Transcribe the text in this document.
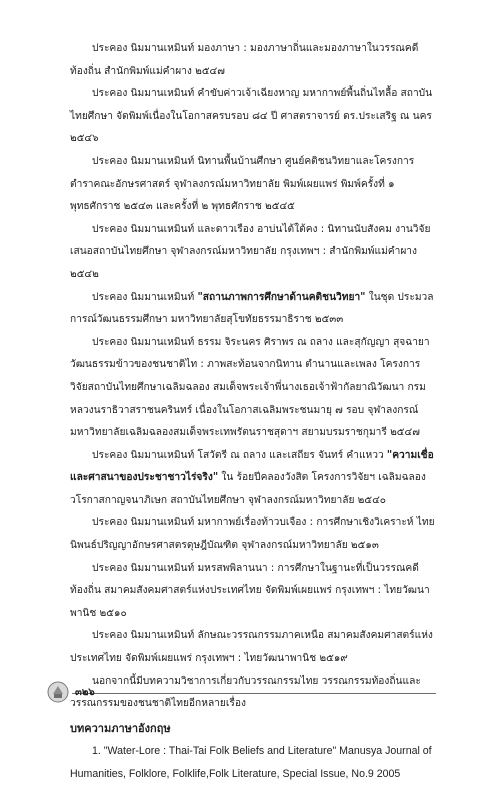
ประคอง นิมมานเหมินท์ มองภาษา : มองภาษาถิ่นและมองภาษาในวรรณคดีท้องถิ่น สำนักพิมพ์แม่คำผาง ๒๕๔๗

ประคอง นิมมานเหมินท์ คำขับค่าวเจ้าเฉียงหาญ มหากาพย์พื้นถิ่นไทลื้อ สถาบันไทยศึกษา จัดพิมพ์เนื่องในโอกาสครบรอบ ๘๔ ปี ศาสตราจารย์ ดร.ประเสริฐ ณ นคร ๒๕๔๖

ประคอง นิมมานเหมินท์ นิทานพื้นบ้านศึกษา ศูนย์คติชนวิทยาและโครงการตำราคณะอักษรศาสตร์ จุฬาลงกรณ์มหาวิทยาลัย พิมพ์เผยแพร่ พิมพ์ครั้งที่ ๑ พุทธศักราช ๒๕๔๓ และครั้งที่ ๒ พุทธศักราช ๒๕๔๕

ประคอง นิมมานเหมินท์ และดาวเรือง อาบ่นไต้ใต้คง : นิทานนับสังคม งานวิจัยเสนอสถาบันไทยศึกษา จุฬาลงกรณ์มหาวิทยาลัย กรุงเทพฯ : สำนักพิมพ์แม่คำผาง ๒๕๔๒

ประคอง นิมมานเหมินท์ "สถานภาพการศึกษาด้านคติชนวิทยา" ในชุด ประมวลการณ์วัฒนธรรมศึกษา มหาวิทยาลัยสุโขทัยธรรมาธิราช ๒๕๓๓

ประคอง นิมมานเหมินท์ ธรรม จิระนคร ศิราพร ณ ถลาง และสุกัญญา สุจฉายา วัฒนธรรมข้าวของชนชาติไท : ภาพสะท้อนจากนิทาน ตำนานและเพลง โครงการวิจัยสถาบันไทยศึกษาเฉลิมฉลอง สมเด็จพระเจ้าพี่นางเธอเจ้าฟ้ากัลยาณิวัฒนา กรมหลวงนราธิวาสราชนครินทร์ เนื่องในโอกาสเฉลิมพระชนมายุ ๗ รอบ จุฬาลงกรณ์มหาวิทยาลัยเฉลิมฉลองสมเด็จพระเทพรัตนราชสุดาฯ สยามบรมราชกุมารี ๒๕๔๗

ประคอง นิมมานเหมินท์ โสวัตรี ณ ถลาง และเสถียร จันทร์ คำแหวว "ความเชื่อและศาสนาของประชาชาวไร่จริง" ใน ร้อยปีคลองวังสิต โครงการวิจัยฯ เฉลิมฉลองวโรกาสกาญจนาภิเษก สถาบันไทยศึกษา จุฬาลงกรณ์มหาวิทยาลัย ๒๕๔๐

ประคอง นิมมานเหมินท์ มหากาพย์เรื่องท้าวบเจือง : การศึกษาเชิงวิเคราะห์ ไทยนิพนธ์ปริญญาอักษรศาสตรดุษฎีบัณฑิต จุฬาลงกรณ์มหาวิทยาลัย ๒๕๑๓

ประคอง นิมมานเหมินท์ มหรสพพิลานนา : การศึกษาในฐานะที่เป็นวรรณคดีท้องถิ่น สมาคมสังคมศาสตร์แห่งประเทศไทย จัดพิมพ์เผยแพร่ กรุงเทพฯ : ไทยวัฒนาพานิช ๒๕๑๐

ประคอง นิมมานเหมินท์ ลักษณะวรรณกรรมภาคเหนือ สมาคมสังคมศาสตร์แห่งประเทศไทย จัดพิมพ์เผยแพร่ กรุงเทพฯ : ไทยวัฒนาพานิช ๒๕๑๙

นอกจากนี้มีบทความวิชาการเกี่ยวกับวรรณกรรมไทย วรรณกรรมท้องถิ่นและวรรณกรรมของชนชาติไทยอีกหลายเรื่อง

บทความภาษาอังกฤษ

1. "Water-Lore : Thai-Tai Folk Beliefs and Literature" Manusya Journal of Humanities, Folklore, Folklife,Folk Literature, Special Issue, No.9 2005

๓๒๖
